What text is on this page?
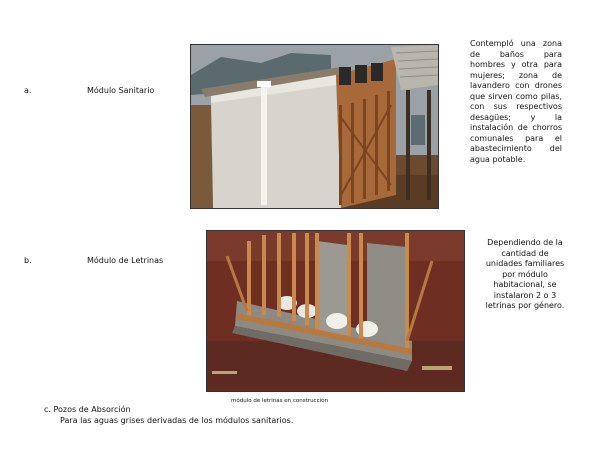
a.	Módulo Sanitario
Contempló una zona de baños para hombres y otra para mujeres; zona de lavandero con drones que sirven como pilas, con sus respectivos desagües; y la instalación de chorros comunales para el abastecimiento del agua potable.
b.	Módulo de Letrinas
módulo de letrinas en construcción
Dependiendo de la cantidad de unidades familiares por módulo habitacional, se instalaron 2 o 3 letrinas por género.
c. Pozos de Absorción
Para las aguas grises derivadas de los módulos sanitarios.
